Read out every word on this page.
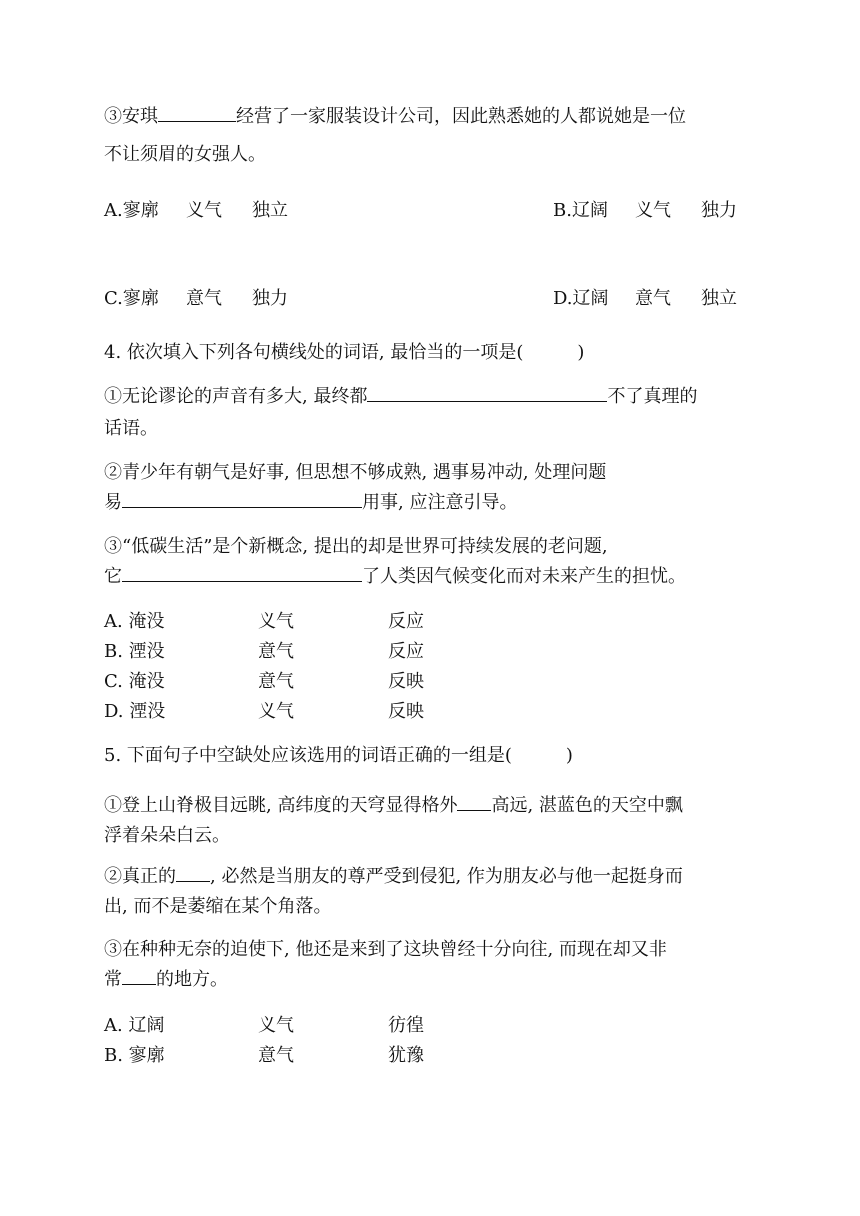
③安琪	经营了一家服装设计公司，因此熟悉她的人都说她是一位
不让须眉的女强人。
A.寥廓 义气 独立	B.辽阔 义气 独力
C.寥廓 意气 独力	D.辽阔 意气 独立
4. 依次填入下列各句横线处的词语, 最恰当的一项是(　　　)
①无论谬论的声音有多大, 最终都	不了真理的
话语。
②青少年有朝气是好事, 但思想不够成熟, 遇事易冲动, 处理问题
易	用事, 应注意引导。
③“低碳生活”是个新概念, 提出的却是世界可持续发展的老问题,
它	了人类因气候变化而对未来产生的担忧。
A. 淹没	义气	反应
B. 湮没	意气	反应
C. 淹没	意气	反映
D. 湮没	义气	反映
5. 下面句子中空缺处应该选用的词语正确的一组是(　　　)
①登上山脊极目远眺, 高纬度的天穹显得格外 高远, 湛蓝色的天空中飘
浮着朵朵白云。
②真正的 , 必然是当朋友的尊严受到侵犯, 作为朋友必与他一起挺身而
出, 而不是萎缩在某个角落。
③在种种无奈的迫使下, 他还是来到了这块曾经十分向往, 而现在却又非
常 的地方。
A. 辽阔	义气	彷徨
B. 寥廓	意气	犹豫
